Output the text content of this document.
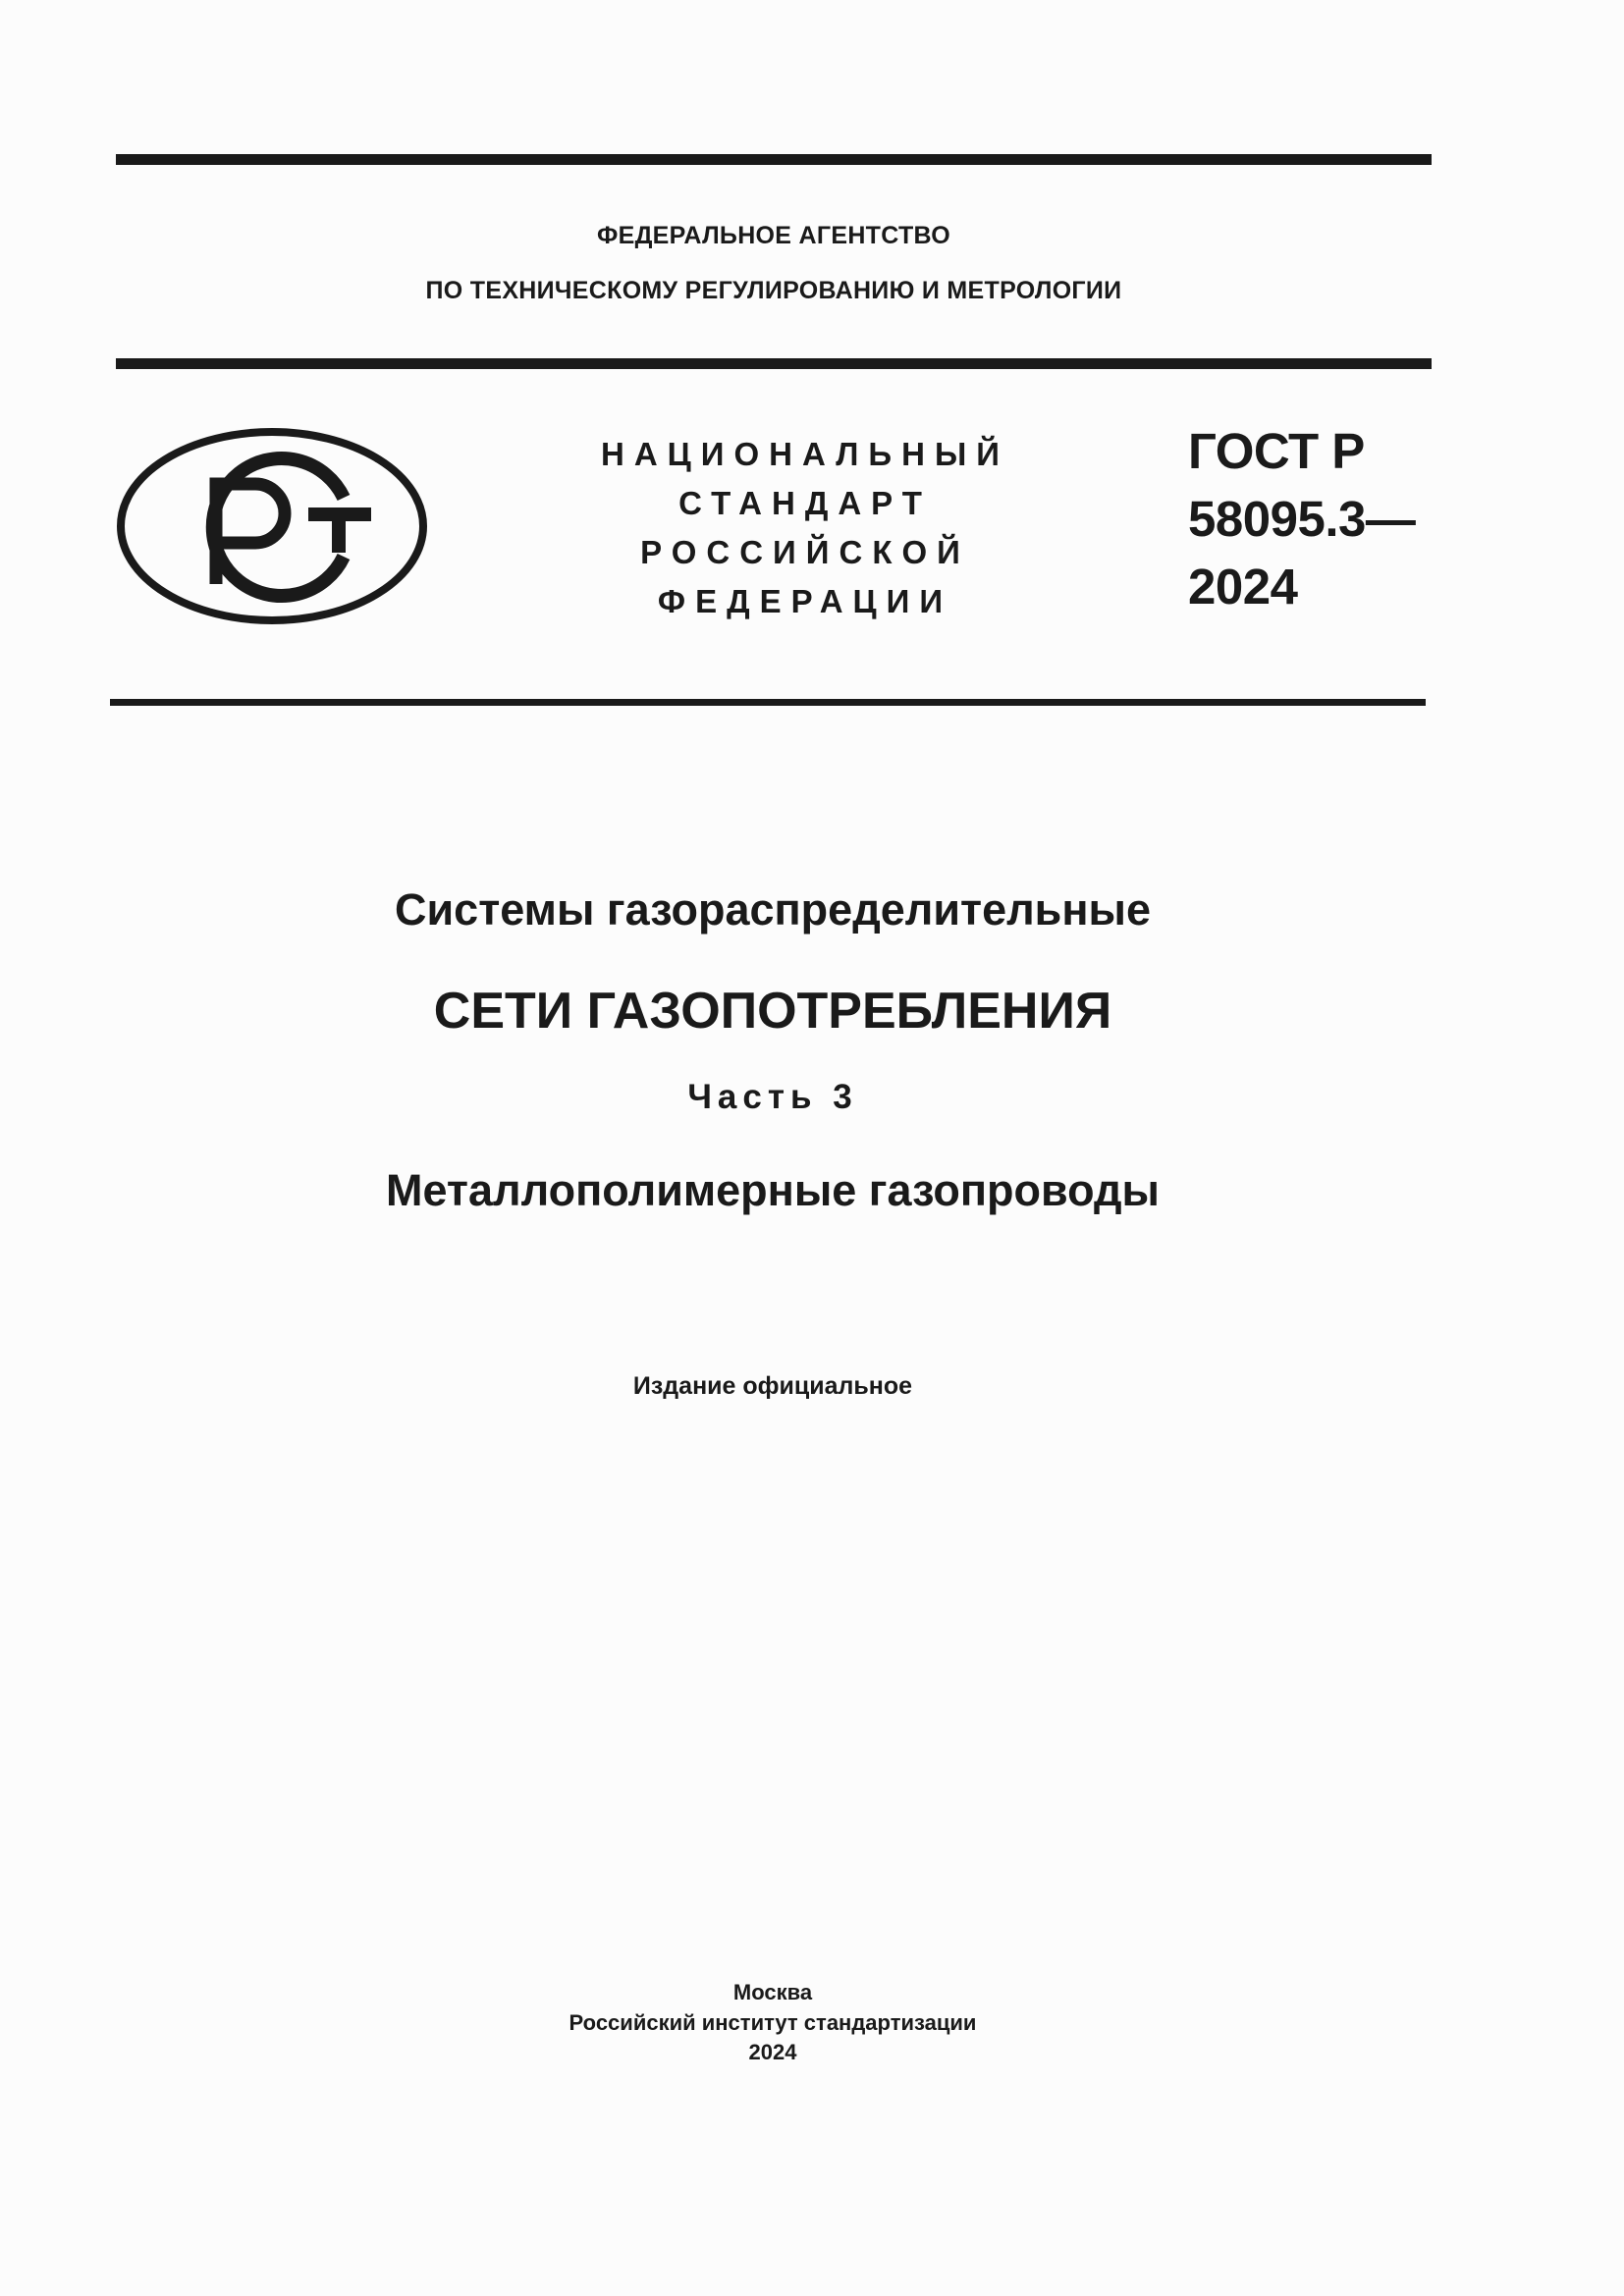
ФЕДЕРАЛЬНОЕ АГЕНТСТВО
ПО ТЕХНИЧЕСКОМУ РЕГУЛИРОВАНИЮ И МЕТРОЛОГИИ
НАЦИОНАЛЬНЫЙ
СТАНДАРТ
РОССИЙСКОЙ
ФЕДЕРАЦИИ
ГОСТ Р
58095.3—
2024
Системы газораспределительные
СЕТИ ГАЗОПОТРЕБЛЕНИЯ
Часть 3
Металлополимерные газопроводы
Издание официальное
Москва
Российский институт стандартизации
2024
